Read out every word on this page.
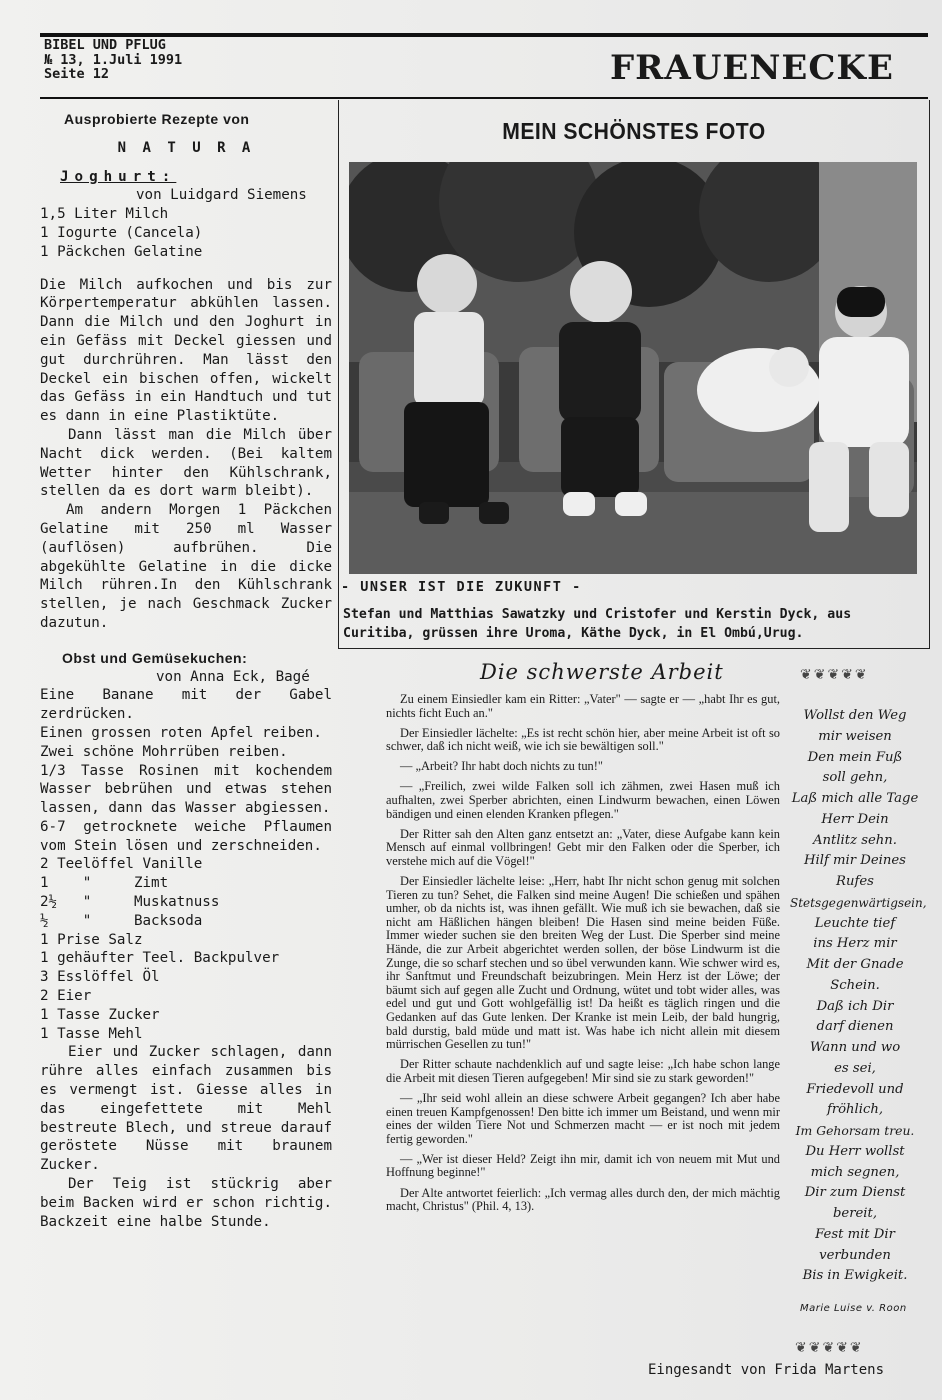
BIBEL UND PFLUG
№ 13, 1.Juli 1991
Seite 12	FRAUENECKE
Ausprobierte Rezepte von
N A T U R A
Joghurt:
von Luidgard Siemens
1,5 Liter Milch
1 Iogurte (Cancela)
1 Päckchen Gelatine

Die Milch aufkochen und bis zur Körpertemperatur abkühlen lassen. Dann die Milch und den Joghurt in ein Gefäss mit Deckel giessen und gut durchrühren. Man lässt den Deckel ein bischen offen, wickelt das Gefäss in ein Handtuch und tut es dann in eine Plastiktüte.

Dann lässt man die Milch über Nacht dick werden. (Bei kaltem Wetter hinter den Kühlschrank, stellen da es dort warm bleibt).

Am andern Morgen 1 Päckchen Gelatine mit 250 ml Wasser (auflösen) aufbrühen. Die abgekühlte Gelatine in die dicke Milch rühren.In den Kühlschrank stellen, je nach Geschmack Zucker dazutun.

Obst und Gemüsekuchen:
von Anna Eck, Bagé

Eine Banane mit der Gabel zerdrücken.

Einen grossen roten Apfel reiben.

Zwei schöne Mohrrüben reiben.

1/3 Tasse Rosinen mit kochendem Wasser bebrühen und etwas stehen lassen, dann das Wasser abgiessen.

6-7 getrocknete weiche Pflaumen vom Stein lösen und zerschneiden.

2 Teelöffel Vanille
1    "     Zimt
2½   "     Muskatnuss
½    "     Backsoda
1 Prise Salz
1 gehäufter Teel. Backpulver
3 Esslöffel Öl
2 Eier
1 Tasse Zucker
1 Tasse Mehl

Eier und Zucker schlagen, dann rühre alles einfach zusammen bis es vermengt ist. Giesse alles in das eingefettete mit Mehl bestreute Blech, und streue darauf geröstete Nüsse mit braunem Zucker.

Der Teig ist stückrig aber beim Backen wird er schon richtig. Backzeit eine halbe Stunde.

MEIN SCHÖNSTES FOTO
- UNSER IST DIE ZUKUNFT -
Stefan und Matthias Sawatzky und Cristofer und Kerstin Dyck, aus Curitiba, grüssen ihre Uroma, Käthe Dyck, in El Ombú,Urug.
Die schwerste Arbeit	❦❦❦❦❦

Zu einem Einsiedler kam ein Ritter: „Vater" — sagte er — „habt Ihr es gut, nichts ficht Euch an."

Der Einsiedler lächelte: „Es ist recht schön hier, aber meine Arbeit ist oft so schwer, daß ich nicht weiß, wie ich sie bewältigen soll."

— „Arbeit? Ihr habt doch nichts zu tun!"

— „Freilich, zwei wilde Falken soll ich zähmen, zwei Hasen muß ich aufhalten, zwei Sperber abrichten, einen Lindwurm bewachen, einen Löwen bändigen und einen elenden Kranken pflegen."

Der Ritter sah den Alten ganz entsetzt an: „Vater, diese Aufgabe kann kein Mensch auf einmal vollbringen! Gebt mir den Falken oder die Sperber, ich verstehe mich auf die Vögel!"

Der Einsiedler lächelte leise: „Herr, habt Ihr nicht schon genug mit solchen Tieren zu tun? Sehet, die Falken sind meine Augen! Die schießen und spähen umher, ob da nichts ist, was ihnen gefällt. Wie muß ich sie bewachen, daß sie nicht am Häßlichen hängen bleiben! Die Hasen sind meine beiden Füße. Immer wieder suchen sie den breiten Weg der Lust. Die Sperber sind meine Hände, die zur Arbeit abgerichtet werden sollen, der böse Lindwurm ist die Zunge, die so scharf stechen und so übel verwunden kann. Wie schwer wird es, ihr Sanftmut und Freundschaft beizubringen. Mein Herz ist der Löwe; der bäumt sich auf gegen alle Zucht und Ordnung, wütet und tobt wider alles, was edel und gut und Gott wohlgefällig ist! Da heißt es täglich ringen und die Gedanken auf das Gute lenken. Der Kranke ist mein Leib, der bald hungrig, bald durstig, bald müde und matt ist. Was habe ich nicht allein mit diesem mürrischen Gesellen zu tun!"

Der Ritter schaute nachdenklich auf und sagte leise: „Ich habe schon lange die Arbeit mit diesen Tieren aufgegeben! Mir sind sie zu stark geworden!"

— „Ihr seid wohl allein an diese schwere Arbeit gegangen? Ich aber habe einen treuen Kampfgenossen! Den bitte ich immer um Beistand, und wenn mir eines der wilden Tiere Not und Schmerzen macht — er ist noch mit jedem fertig geworden."

— „Wer ist dieser Held? Zeigt ihn mir, damit ich von neuem mit Mut und Hoffnung beginne!"

Der Alte antwortet feierlich: „Ich vermag alles durch den, der mich mächtig macht, Christus" (Phil. 4, 13).

Wollst den Weg
mir weisen
Den mein Fuß
soll gehn,
Laß mich alle Tage
Herr Dein
Antlitz sehn.
Hilf mir Deines
Rufes
Stetsgegenwärtigsein,
Leuchte tief
ins Herz mir
Mit der Gnade
Schein.
Daß ich Dir
darf dienen
Wann und wo
es sei,
Friedevoll und
fröhlich,
Im Gehorsam treu.
Du Herr wollst
mich segnen,
Dir zum Dienst
bereit,
Fest mit Dir
verbunden
Bis in Ewigkeit.
Marie Luise v. Roon
❦❦❦❦❦
Eingesandt von Frida Martens
